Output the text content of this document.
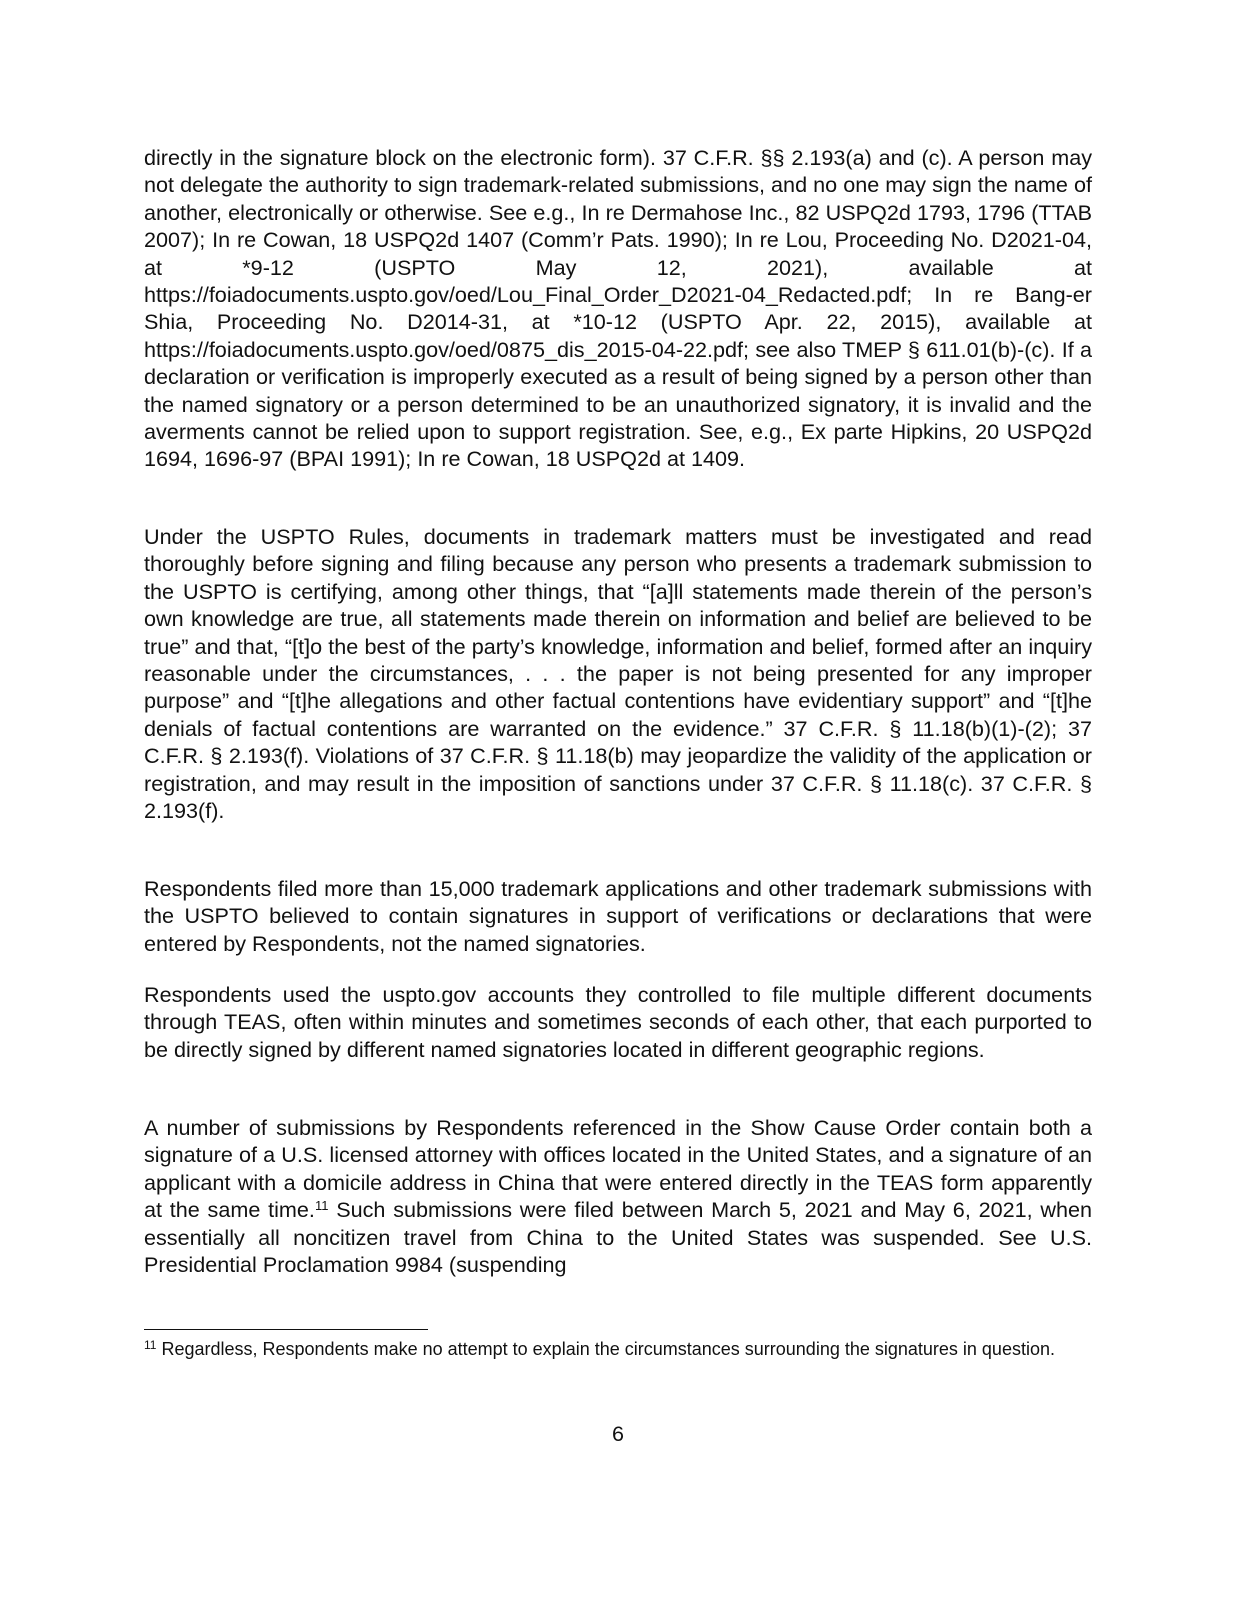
directly in the signature block on the electronic form). 37 C.F.R. §§ 2.193(a) and (c). A person may not delegate the authority to sign trademark-related submissions, and no one may sign the name of another, electronically or otherwise. See e.g., In re Dermahose Inc., 82 USPQ2d 1793, 1796 (TTAB 2007); In re Cowan, 18 USPQ2d 1407 (Comm’r Pats. 1990); In re Lou, Proceeding No. D2021-04, at *9-12 (USPTO May 12, 2021), available at https://foiadocuments.uspto.gov/oed/Lou_Final_Order_D2021-04_Redacted.pdf; In re Bang-er Shia, Proceeding No. D2014-31, at *10-12 (USPTO Apr. 22, 2015), available at https://foiadocuments.uspto.gov/oed/0875_dis_2015-04-22.pdf; see also TMEP § 611.01(b)-(c). If a declaration or verification is improperly executed as a result of being signed by a person other than the named signatory or a person determined to be an unauthorized signatory, it is invalid and the averments cannot be relied upon to support registration. See, e.g., Ex parte Hipkins, 20 USPQ2d 1694, 1696-97 (BPAI 1991); In re Cowan, 18 USPQ2d at 1409.

Under the USPTO Rules, documents in trademark matters must be investigated and read thoroughly before signing and filing because any person who presents a trademark submission to the USPTO is certifying, among other things, that “[a]ll statements made therein of the person’s own knowledge are true, all statements made therein on information and belief are believed to be true” and that, “[t]o the best of the party’s knowledge, information and belief, formed after an inquiry reasonable under the circumstances, . . . the paper is not being presented for any improper purpose” and “[t]he allegations and other factual contentions have evidentiary support” and “[t]he denials of factual contentions are warranted on the evidence.” 37 C.F.R. § 11.18(b)(1)-(2); 37 C.F.R. § 2.193(f). Violations of 37 C.F.R. § 11.18(b) may jeopardize the validity of the application or registration, and may result in the imposition of sanctions under 37 C.F.R. § 11.18(c). 37 C.F.R. § 2.193(f).

Respondents filed more than 15,000 trademark applications and other trademark submissions with the USPTO believed to contain signatures in support of verifications or declarations that were entered by Respondents, not the named signatories.

Respondents used the uspto.gov accounts they controlled to file multiple different documents through TEAS, often within minutes and sometimes seconds of each other, that each purported to be directly signed by different named signatories located in different geographic regions.

A number of submissions by Respondents referenced in the Show Cause Order contain both a signature of a U.S. licensed attorney with offices located in the United States, and a signature of an applicant with a domicile address in China that were entered directly in the TEAS form apparently at the same time.$^{11}$ Such submissions were filed between March 5, 2021 and May 6, 2021, when essentially all noncitizen travel from China to the United States was suspended. See U.S. Presidential Proclamation 9984 (suspending

$^{11}$ Regardless, Respondents make no attempt to explain the circumstances surrounding the signatures in question.

6
